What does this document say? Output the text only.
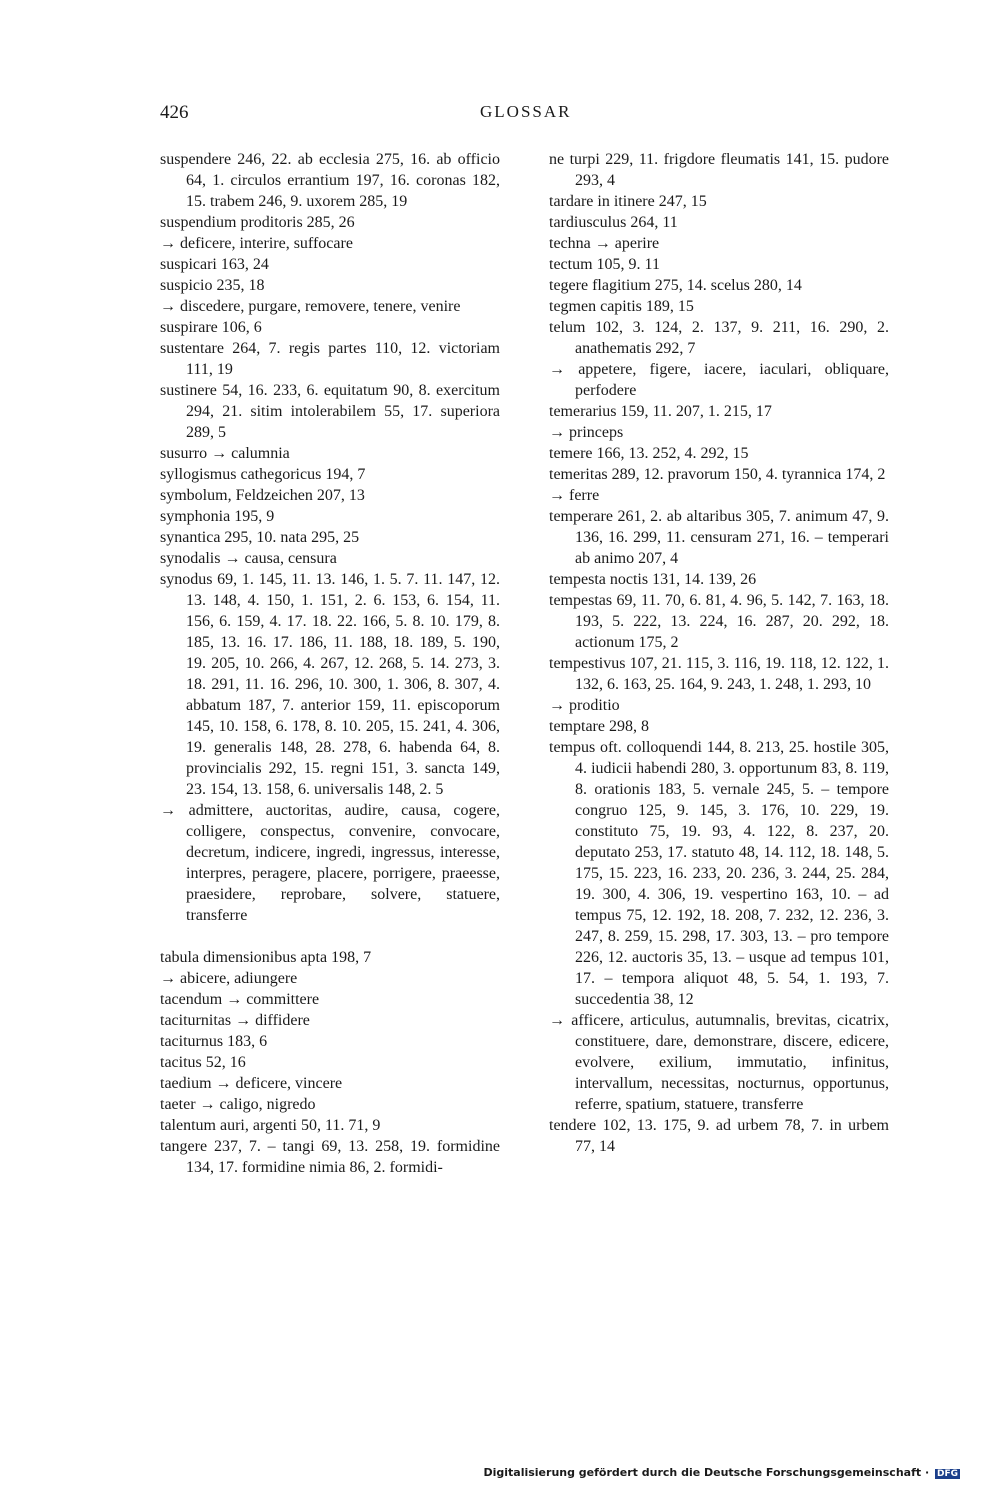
426	GLOSSAR

suspendere 246, 22. ab ecclesia 275, 16. ab officio 64, 1. circulos errantium 197, 16. coronas 182, 15. trabem 246, 9. uxorem 285, 19

suspendium proditoris 285, 26

→ deficere, interire, suffocare

suspicari 163, 24

suspicio 235, 18

→ discedere, purgare, removere, tenere, venire

suspirare 106, 6

sustentare 264, 7. regis partes 110, 12. victoriam 111, 19

sustinere 54, 16. 233, 6. equitatum 90, 8. exercitum 294, 21. sitim intolerabilem 55, 17. superiora 289, 5

susurro → calumnia

syllogismus cathegoricus 194, 7

symbolum, Feldzeichen 207, 13

symphonia 195, 9

synantica 295, 10. nata 295, 25

synodalis → causa, censura

synodus 69, 1. 145, 11. 13. 146, 1. 5. 7. 11. 147, 12. 13. 148, 4. 150, 1. 151, 2. 6. 153, 6. 154, 11. 156, 6. 159, 4. 17. 18. 22. 166, 5. 8. 10. 179, 8. 185, 13. 16. 17. 186, 11. 188, 18. 189, 5. 190, 19. 205, 10. 266, 4. 267, 12. 268, 5. 14. 273, 3. 18. 291, 11. 16. 296, 10. 300, 1. 306, 8. 307, 4. abbatum 187, 7. anterior 159, 11. episcoporum 145, 10. 158, 6. 178, 8. 10. 205, 15. 241, 4. 306, 19. generalis 148, 28. 278, 6. habenda 64, 8. provincialis 292, 15. regni 151, 3. sancta 149, 23. 154, 13. 158, 6. universalis 148, 2. 5

→ admittere, auctoritas, audire, causa, cogere, colligere, conspectus, convenire, convocare, decretum, indicere, ingredi, ingressus, interesse, interpres, peragere, placere, porrigere, praeesse, praesidere, reprobare, solvere, statuere, transferre

tabula dimensionibus apta 198, 7

→ abicere, adiungere

tacendum → committere

taciturnitas → diffidere

taciturnus 183, 6

tacitus 52, 16

taedium → deficere, vincere

taeter → caligo, nigredo

talentum auri, argenti 50, 11. 71, 9

tangere 237, 7. – tangi 69, 13. 258, 19. formidine 134, 17. formidine nimia 86, 2. formidi-

ne turpi 229, 11. frigdore fleumatis 141, 15. pudore 293, 4

tardare in itinere 247, 15

tardiusculus 264, 11

techna → aperire

tectum 105, 9. 11

tegere flagitium 275, 14. scelus 280, 14

tegmen capitis 189, 15

telum 102, 3. 124, 2. 137, 9. 211, 16. 290, 2. anathematis 292, 7

→ appetere, figere, iacere, iaculari, obliquare, perfodere

temerarius 159, 11. 207, 1. 215, 17

→ princeps

temere 166, 13. 252, 4. 292, 15

temeritas 289, 12. pravorum 150, 4. tyrannica 174, 2

→ ferre

temperare 261, 2. ab altaribus 305, 7. animum 47, 9. 136, 16. 299, 11. censuram 271, 16. – temperari ab animo 207, 4

tempesta noctis 131, 14. 139, 26

tempestas 69, 11. 70, 6. 81, 4. 96, 5. 142, 7. 163, 18. 193, 5. 222, 13. 224, 16. 287, 20. 292, 18. actionum 175, 2

tempestivus 107, 21. 115, 3. 116, 19. 118, 12. 122, 1. 132, 6. 163, 25. 164, 9. 243, 1. 248, 1. 293, 10

→ proditio

temptare 298, 8

tempus oft. colloquendi 144, 8. 213, 25. hostile 305, 4. iudicii habendi 280, 3. opportunum 83, 8. 119, 8. orationis 183, 5. vernale 245, 5. – tempore congruo 125, 9. 145, 3. 176, 10. 229, 19. constituto 75, 19. 93, 4. 122, 8. 237, 20. deputato 253, 17. statuto 48, 14. 112, 18. 148, 5. 175, 15. 223, 16. 233, 20. 236, 3. 244, 25. 284, 19. 300, 4. 306, 19. vespertino 163, 10. – ad tempus 75, 12. 192, 18. 208, 7. 232, 12. 236, 3. 247, 8. 259, 15. 298, 17. 303, 13. – pro tempore 226, 12. auctoris 35, 13. – usque ad tempus 101, 17. – tempora aliquot 48, 5. 54, 1. 193, 7. succedentia 38, 12

→ afficere, articulus, autumnalis, brevitas, cicatrix, constituere, dare, demonstrare, discere, edicere, evolvere, exilium, immutatio, infinitus, intervallum, necessitas, nocturnus, opportunus, referre, spatium, statuere, transferre

tendere 102, 13. 175, 9. ad urbem 78, 7. in urbem 77, 14

Digitalisierung gefördert durch die Deutsche Forschungsgemeinschaft · DFG
